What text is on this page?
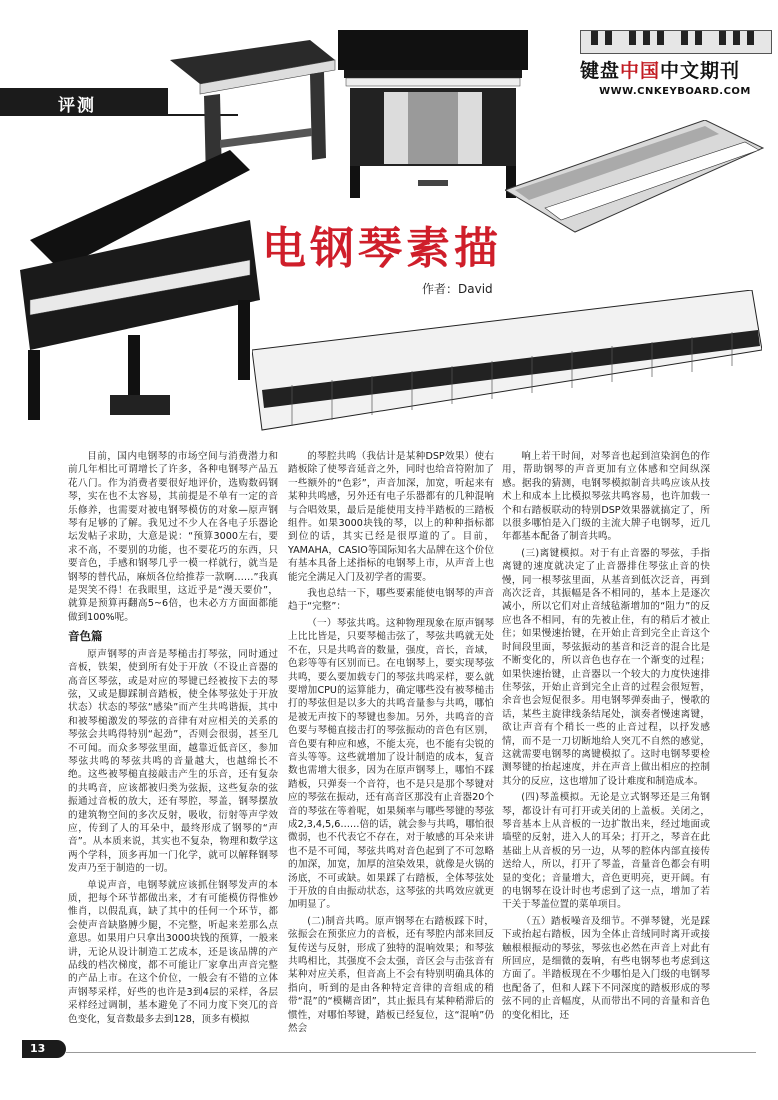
评测
键盘中国中文期刊
WWW.CNKEYBOARD.COM
电钢琴素描
作者：David

目前，国内电钢琴的市场空间与消费潜力和前几年相比可谓增长了许多，各种电钢琴产品五花八门。作为消费者要很好地评价，选购数码钢琴，实在也不太容易，其前提是不单有一定的音乐修养，也需要对被电钢琴模仿的对象—原声钢琴有足够的了解。我见过不少人在各电子乐器论坛发帖子求助，大意是说：“预算3000左右，要求不高，不要别的功能，也不要花巧的东西，只要音色，手感和钢琴几乎一模一样就行，就当是钢琴的替代品，麻烦各位给推荐一款啊……”我真是哭笑不得！在我眼里，这近乎是“漫天要价”，就算是预算再翻高5~6倍，也未必方方面面都能做到100%呢。

音色篇

原声钢琴的声音是琴槌击打琴弦，同时通过音板，铁架，使到所有处于开放（不设止音器的高音区琴弦，或是对应的琴键已经被按下去的琴弦，又或是脚踩制音踏板，使全体琴弦处于开放状态）状态的琴弦“感染”而产生共鸣谐振，其中和被琴槌激发的琴弦的音律有对应相关的关系的琴弦会共鸣得特别“起劲”，否则会很弱，甚至几不可闻。而众多琴弦里面，越靠近低音区，参加琴弦共鸣的琴弦共鸣的音量越大，也越绵长不绝。这些被琴槌直接敲击产生的乐音，还有复杂的共鸣音，应该都被归类为弦振，这些复杂的弦振通过音板的放大，还有琴腔，琴盖，钢琴摆放的建筑物空间的多次反射，吸收，衍射等声学效应，传到了人的耳朵中，最终形成了钢琴的“声音”。从本质来说，其实也不复杂，物理和数学这两个学科，顶多再加一门化学，就可以解释钢琴发声乃至于制造的一切。

单说声音，电钢琴就应该抓住钢琴发声的本质，把每个环节都做出来，才有可能模仿得惟妙惟肖，以假乱真，缺了其中的任何一个环节，都会使声音缺胳膊少腿，不完整，听起来差那么点意思。如果用户只拿出3000块钱的预算，一般来讲，无论从设计制造工艺成本，还是该品牌的产品线的档次梯度，都不可能让厂家拿出声音完整的产品上市。在这个价位，一般会有不错的立体声钢琴采样，好些的也许是3到4层的采样，各层采样经过调制，基本避免了不同力度下突兀的音色变化，复音数最多去到128，顶多有模拟

的琴腔共鸣（我估计是某种DSP效果）使右踏板除了使琴音延音之外，同时也给音符附加了一些额外的“色彩”，声音加深，加宽，听起来有某种共鸣感，另外还有电子乐器都有的几种混响与合唱效果，最后是能使用支持半踏板的三踏板组件。如果3000块钱的琴，以上的种种指标都到位的话，其实已经是很厚道的了。目前，YAMAHA，CASIO等国际知名大品牌在这个价位有基本具备上述指标的电钢琴上市，从声音上也能完全满足入门及初学者的需要。

我也总结一下，哪些要素能使电钢琴的声音趋于“完整”：

（一）琴弦共鸣。这种物理现象在原声钢琴上比比皆是，只要琴槌击弦了，琴弦共鸣就无处不在，只是共鸣音的数量，强度，音长，音域，色彩等等有区别而已。在电钢琴上，要实现琴弦共鸣，要么要加载专门的琴弦共鸣采样，要么就要增加CPU的运算能力，确定哪些没有被琴槌击打的琴弦但是以多大的共鸣音量参与共鸣，哪怕是被无声按下的琴键也参加。另外，共鸣音的音色要与琴槌直接击打的琴弦振动的音色有区别，音色要有种应和感，不能太亮，也不能有尖锐的音头等等。这些就增加了设计制造的成本，复音数也需增大很多，因为在原声钢琴上，哪怕不踩踏板，只弹奏一个音符，也不是只是那个琴键对应的琴弦在振动，还有高音区那没有止音器20个音的琴弦在等着呢，如果频率与哪些琴键的琴弦成2,3,4,5,6……倍的话，就会参与共鸣，哪怕很微弱，也不代表它不存在，对于敏感的耳朵来讲也不是不可闻，琴弦共鸣对音色起到了不可忽略的加深，加宽，加厚的渲染效果，就像是火锅的汤底，不可或缺。如果踩了右踏板，全体琴弦处于开放的自由振动状态，这琴弦的共鸣效应就更加明显了。

(二)制音共鸣。原声钢琴在右踏板踩下时，弦振会在预张应力的音板，还有琴腔内部来回反复传送与反射，形成了独特的混响效果；和琴弦共鸣相比，其强度不会太强，音区会与击弦音有某种对应关系，但音高上不会有特别明确具体的指向，听到的是由各种特定音律的音组成的稍带“混”的“模糊音团”，其止振具有某种稍滞后的惯性，对哪怕琴键，踏板已经复位，这“混响”仍然会

响上若干时间，对琴音也起到渲染润色的作用，帮助钢琴的声音更加有立体感和空间纵深感。据我的猜测，电钢琴模拟制音共鸣应该从技术上和成本上比模拟琴弦共鸣容易，也许加载一个和右踏板联动的特别DSP效果器就搞定了，所以很多哪怕是入门级的主流大牌子电钢琴，近几年都基本配备了制音共鸣。

(三)离键模拟。对于有止音器的琴弦，手指离键的速度就决定了止音器排住琴弦止音的快慢，同一根琴弦里面，从基音到低次泛音，再到高次泛音，其振幅是各不相同的，基本上是逐次减小，所以它们对止音绒毡渐增加的“阻力”的反应也各不相同，有的先被止住，有的稍后才被止住；如果慢速抬键，在开始止音到完全止音这个时间段里面，琴弦振动的基音和泛音的混合比是不断变化的，所以音色也存在一个渐变的过程；如果快速抬键，止音器以一个较大的力度快速排住琴弦，开始止音到完全止音的过程会很短暂，余音也会短促很多。用电钢琴弹奏曲子，慢歌的话，某些主旋律线条结尾处，演奏者慢速离键，欲让声音有个稍长一些的止音过程，以抒发感情，而不是一刀切断地给人突兀不自然的感觉，这就需要电钢琴的离键模拟了。这时电钢琴要检测琴键的抬起速度，并在声音上做出相应的控制其分的反应，这也增加了设计难度和制造成本。

(四)琴盖模拟。无论是立式钢琴还是三角钢琴，都设计有可打开或关闭的上盖板。关闭之，琴音基本上从音板的一边扩散出来，经过地面或墙壁的反射，进入人的耳朵；打开之，琴音在此基础上从音板的另一边，从琴的腔体内部直接传送给人，所以，打开了琴盖，音量音色都会有明显的变化；音量增大，音色更明亮，更开阔。有的电钢琴在设计时也考虑到了这一点，增加了若干关于琴盖位置的菜单项目。

（五）踏板噪音及细节。不弹琴键，光是踩下或抬起右踏板，因为全体止音绒同时离开或接触根根振动的琴弦，琴弦也必然在声音上对此有所回应，是细微的轰响，有些电钢琴也考虑到这方面了。半踏板现在不少哪怕是入门级的电钢琴也配备了，但和人踩下不同深度的踏板形成的琴弦不同的止音幅度，从而带出不同的音量和音色的变化相比，还

13
